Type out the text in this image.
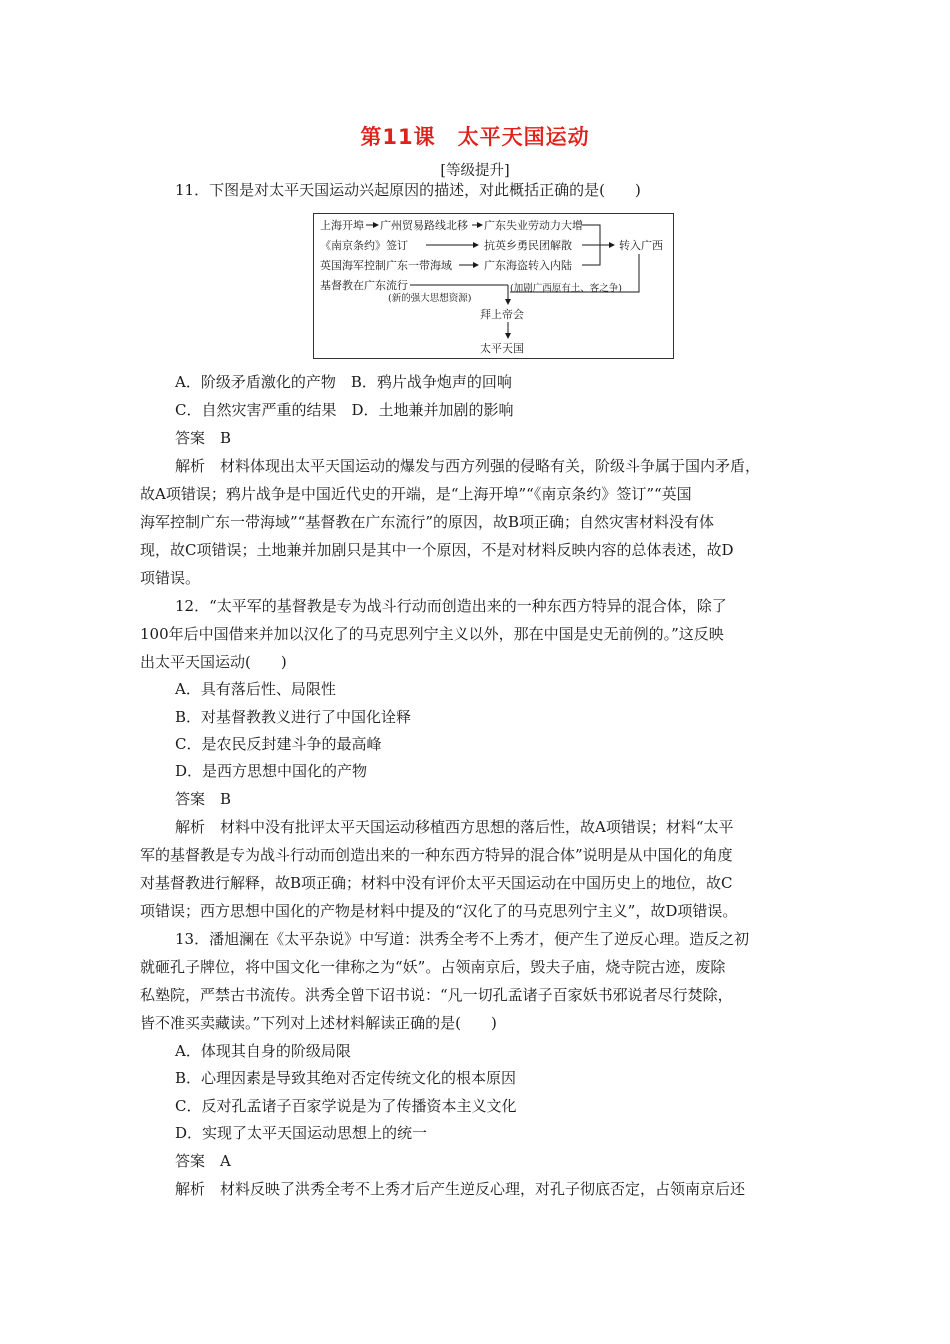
第11课　太平天国运动
[等级提升]
11．下图是对太平天国运动兴起原因的描述，对此概括正确的是(　　)
上海开埠 广州贸易路线北移 广东失业劳动力大增
《南京条约》签订	抗英乡勇民团解散	转入广西
英国海军控制广东一带海域	广东海盗转入内陆
基督教在广东流行
(新的强大思想资源)
(加剧广西原有土、客之争)
拜上帝会
太平天国
A．阶级矛盾激化的产物　B．鸦片战争炮声的回响
C．自然灾害严重的结果　D．土地兼并加剧的影响
答案　B
解析　材料体现出太平天国运动的爆发与西方列强的侵略有关，阶级斗争属于国内矛盾，
故A项错误；鸦片战争是中国近代史的开端，是“上海开埠”“《南京条约》签订”“英国
海军控制广东一带海域”“基督教在广东流行”的原因，故B项正确；自然灾害材料没有体
现，故C项错误；土地兼并加剧只是其中一个原因，不是对材料反映内容的总体表述，故D
项错误。
12．“太平军的基督教是专为战斗行动而创造出来的一种东西方特异的混合体，除了
100年后中国借来并加以汉化了的马克思列宁主义以外，那在中国是史无前例的。”这反映
出太平天国运动(　　)
A．具有落后性、局限性
B．对基督教教义进行了中国化诠释
C．是农民反封建斗争的最高峰
D．是西方思想中国化的产物
答案　B
解析　材料中没有批评太平天国运动移植西方思想的落后性，故A项错误；材料“太平
军的基督教是专为战斗行动而创造出来的一种东西方特异的混合体”说明是从中国化的角度
对基督教进行解释，故B项正确；材料中没有评价太平天国运动在中国历史上的地位，故C
项错误；西方思想中国化的产物是材料中提及的“汉化了的马克思列宁主义”，故D项错误。
13．潘旭澜在《太平杂说》中写道：洪秀全考不上秀才，便产生了逆反心理。造反之初
就砸孔子牌位，将中国文化一律称之为“妖”。占领南京后，毁夫子庙，烧寺院古迹，废除
私塾院，严禁古书流传。洪秀全曾下诏书说：“凡一切孔孟诸子百家妖书邪说者尽行焚除，
皆不准买卖藏读。”下列对上述材料解读正确的是(　　)
A．体现其自身的阶级局限
B．心理因素是导致其绝对否定传统文化的根本原因
C．反对孔孟诸子百家学说是为了传播资本主义文化
D．实现了太平天国运动思想上的统一
答案　A
解析　材料反映了洪秀全考不上秀才后产生逆反心理，对孔子彻底否定，占领南京后还
